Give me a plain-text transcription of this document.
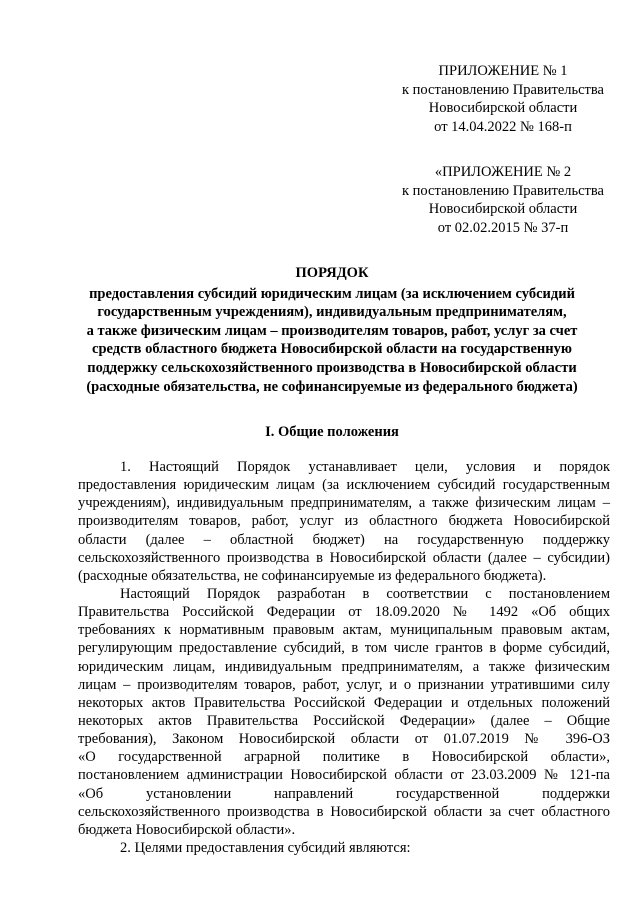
ПРИЛОЖЕНИЕ № 1
к постановлению Правительства
Новосибирской области
от 14.04.2022 № 168-п
«ПРИЛОЖЕНИЕ № 2
к постановлению Правительства
Новосибирской области
от 02.02.2015 № 37-п
ПОРЯДОК
предоставления субсидий юридическим лицам (за исключением субсидий
государственным учреждениям), индивидуальным предпринимателям,
а также физическим лицам – производителям товаров, работ, услуг за счет
средств областного бюджета Новосибирской области на государственную
поддержку сельскохозяйственного производства в Новосибирской области
(расходные обязательства, не софинансируемые из федерального бюджета)
I. Общие положения
1. Настоящий Порядок устанавливает цели, условия и порядок
предоставления юридическим лицам (за исключением субсидий государственным
учреждениям), индивидуальным предпринимателям, а также физическим лицам –
производителям товаров, работ, услуг из областного бюджета Новосибирской
области (далее – областной бюджет) на государственную поддержку
сельскохозяйственного производства в Новосибирской области (далее – субсидии)
(расходные обязательства, не софинансируемые из федерального бюджета).
Настоящий Порядок разработан в соответствии с постановлением
Правительства Российской Федерации от 18.09.2020 № 1492 «Об общих
требованиях к нормативным правовым актам, муниципальным правовым актам,
регулирующим предоставление субсидий, в том числе грантов в форме субсидий,
юридическим лицам, индивидуальным предпринимателям, а также физическим
лицам – производителям товаров, работ, услуг, и о признании утратившими силу
некоторых актов Правительства Российской Федерации и отдельных положений
некоторых актов Правительства Российской Федерации» (далее – Общие
требования), Законом Новосибирской области от 01.07.2019 № 396-ОЗ
«О государственной аграрной политике в Новосибирской области»,
постановлением администрации Новосибирской области от 23.03.2009 № 121-па
«Об установлении направлений государственной поддержки
сельскохозяйственного производства в Новосибирской области за счет областного
бюджета Новосибирской области».
2. Целями предоставления субсидий являются:
